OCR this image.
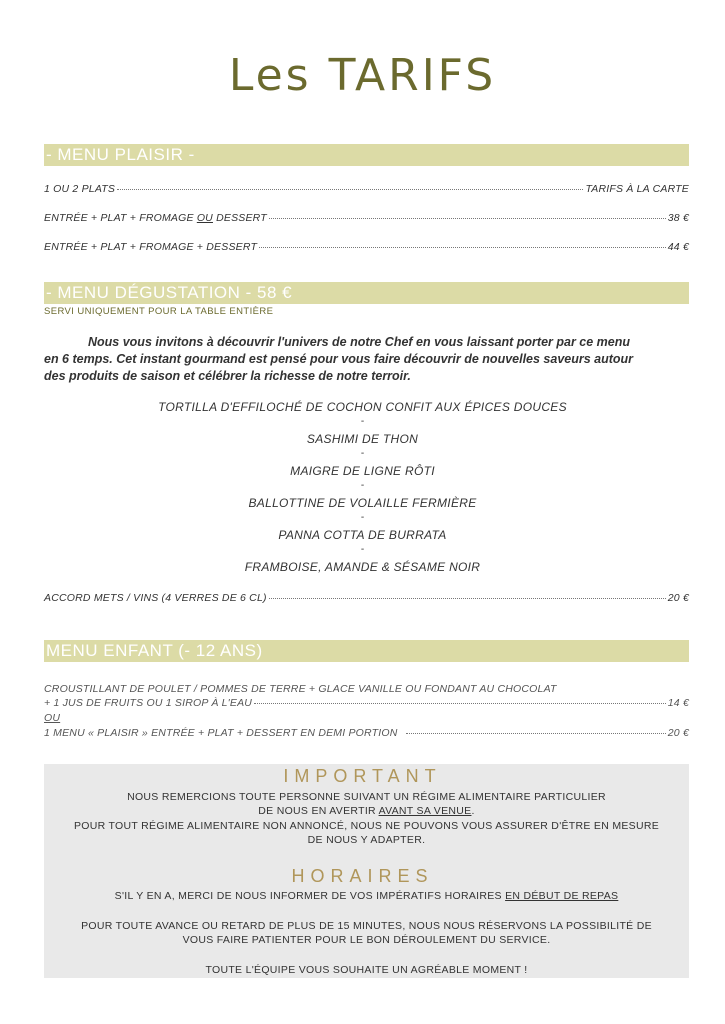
Les TARIFS
- MENU PLAISIR -
1 OU 2 PLATS	TARIFS À LA CARTE
ENTRÉE + PLAT + FROMAGE OU DESSERT	38 €
ENTRÉE + PLAT + FROMAGE + DESSERT	44 €
- MENU DÉGUSTATION - 58 €
SERVI UNIQUEMENT POUR LA TABLE ENTIÈRE
Nous vous invitons à découvrir l'univers de notre Chef en vous laissant porter par ce menu en 6 temps. Cet instant gourmand est pensé pour vous faire découvrir de nouvelles saveurs autour des produits de saison et célébrer la richesse de notre terroir.
TORTILLA D'EFFILOCHÉ DE COCHON CONFIT AUX ÉPICES DOUCES
-
SASHIMI DE THON
-
MAIGRE DE LIGNE RÔTI
-
BALLOTTINE DE VOLAILLE FERMIÈRE
-
PANNA COTTA DE BURRATA
-
FRAMBOISE, AMANDE & SÉSAME NOIR
ACCORD METS / VINS (4 VERRES DE 6 CL)	20 €
MENU ENFANT (- 12 ANS)
CROUSTILLANT DE POULET / POMMES DE TERRE + GLACE VANILLE OU FONDANT AU CHOCOLAT
+ 1 JUS DE FRUITS OU 1 SIROP À L'EAU	14 €
OU
1 MENU « PLAISIR » ENTRÉE + PLAT + DESSERT EN DEMI PORTION	20 €
IMPORTANT
NOUS REMERCIONS TOUTE PERSONNE SUIVANT UN RÉGIME ALIMENTAIRE PARTICULIER
DE NOUS EN AVERTIR AVANT SA VENUE.
POUR TOUT RÉGIME ALIMENTAIRE NON ANNONCÉ, NOUS NE POUVONS VOUS ASSURER D'ÊTRE EN MESURE
DE NOUS Y ADAPTER.
HORAIRES
S'IL Y EN A, MERCI DE NOUS INFORMER DE VOS IMPÉRATIFS HORAIRES EN DÉBUT DE REPAS
POUR TOUTE AVANCE OU RETARD DE PLUS DE 15 MINUTES, NOUS NOUS RÉSERVONS LA POSSIBILITÉ DE
VOUS FAIRE PATIENTER POUR LE BON DÉROULEMENT DU SERVICE.
TOUTE L'ÉQUIPE VOUS SOUHAITE UN AGRÉABLE MOMENT !
